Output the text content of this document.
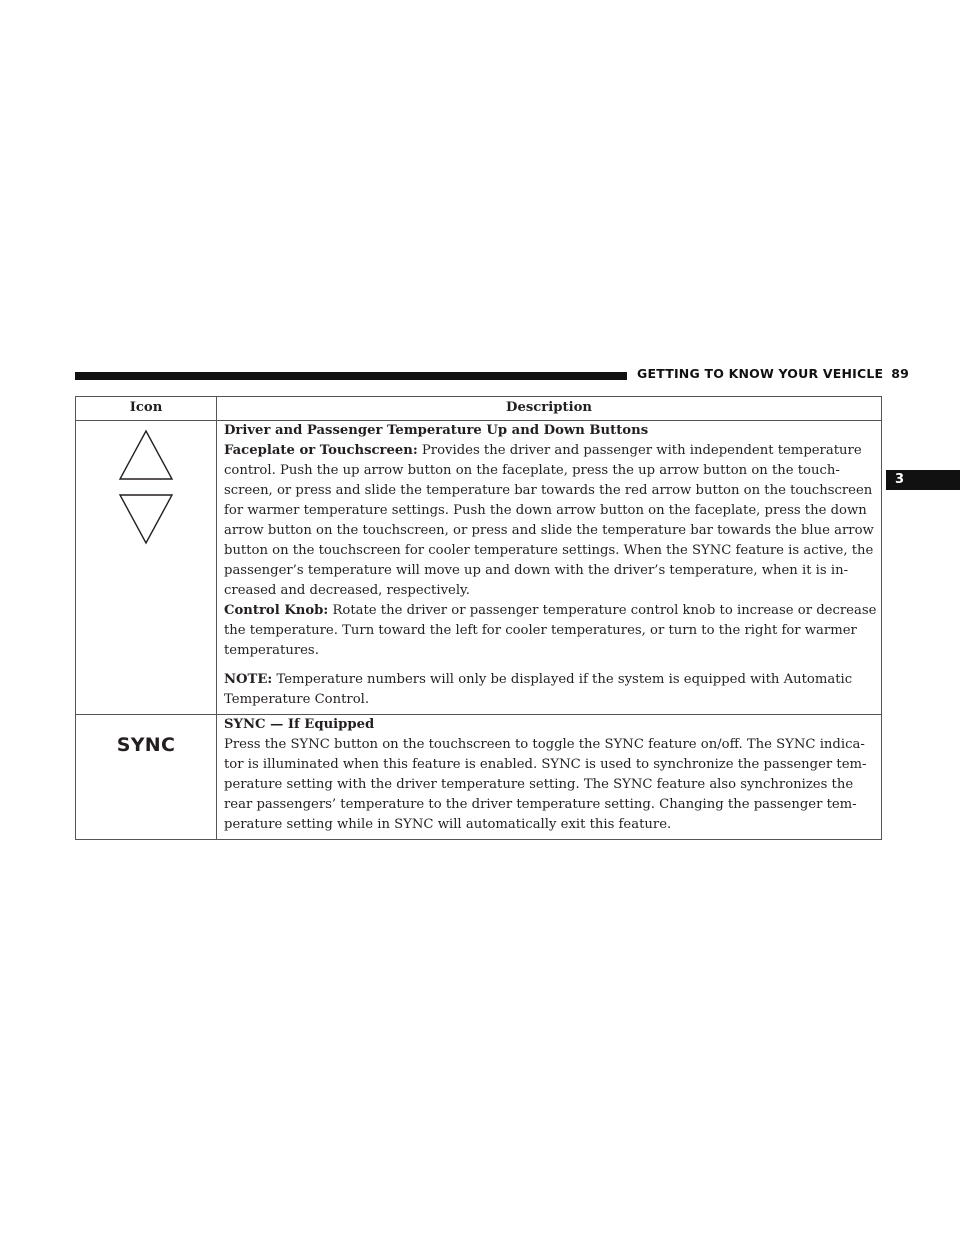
GETTING TO KNOW YOUR VEHICLE 89
3
Icon	Description

Driver and Passenger Temperature Up and Down Buttons
Faceplate or Touchscreen: Provides the driver and passenger with independent temperature control. Push the up arrow button on the faceplate, press the up arrow button on the touch-screen, or press and slide the temperature bar towards the red arrow button on the touchscreen for warmer temperature settings. Push the down arrow button on the faceplate, press the down arrow button on the touchscreen, or press and slide the temperature bar towards the blue arrow button on the touchscreen for cooler temperature settings. When the SYNC feature is active, the passenger’s temperature will move up and down with the driver’s temperature, when it is in-creased and decreased, respectively.
Control Knob: Rotate the driver or passenger temperature control knob to increase or decrease the temperature. Turn toward the left for cooler temperatures, or turn to the right for warmer temperatures.
NOTE: Temperature numbers will only be displayed if the system is equipped with Automatic Temperature Control.

SYNC	SYNC — If Equipped
Press the SYNC button on the touchscreen to toggle the SYNC feature on/off. The SYNC indica-tor is illuminated when this feature is enabled. SYNC is used to synchronize the passenger tem-perature setting with the driver temperature setting. The SYNC feature also synchronizes the rear passengers’ temperature to the driver temperature setting. Changing the passenger tem-perature setting while in SYNC will automatically exit this feature.
